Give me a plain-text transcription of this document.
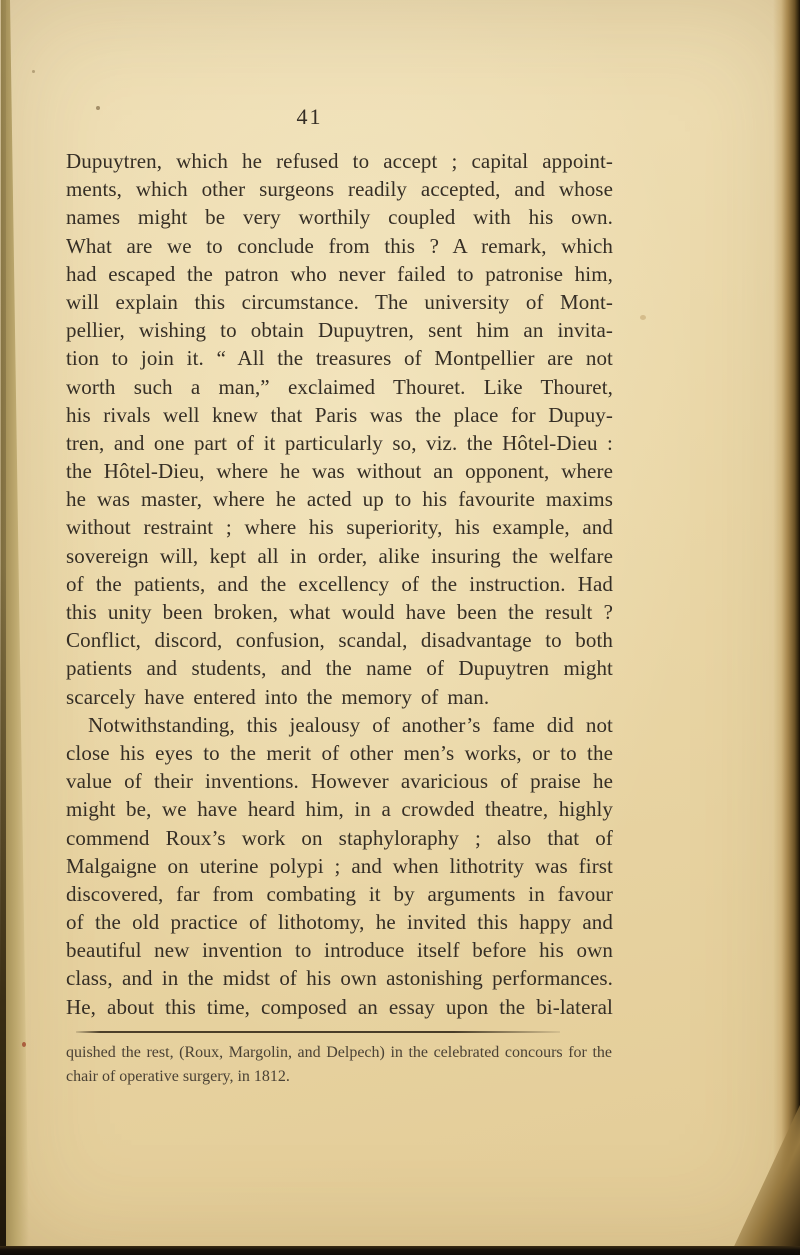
41
Dupuytren, which he refused to accept ; capital appoint-
ments, which other surgeons readily accepted, and whose
names might be very worthily coupled with his own.
What are we to conclude from this ? A remark, which
had escaped the patron who never failed to patronise him,
will explain this circumstance. The university of Mont-
pellier, wishing to obtain Dupuytren, sent him an invita-
tion to join it. “ All the treasures of Montpellier are not
worth such a man,” exclaimed Thouret. Like Thouret,
his rivals well knew that Paris was the place for Dupuy-
tren, and one part of it particularly so, viz. the Hôtel-Dieu :
the Hôtel-Dieu, where he was without an opponent, where
he was master, where he acted up to his favourite maxims
without restraint ; where his superiority, his example, and
sovereign will, kept all in order, alike insuring the welfare
of the patients, and the excellency of the instruction. Had
this unity been broken, what would have been the result ?
Conflict, discord, confusion, scandal, disadvantage to both
patients and students, and the name of Dupuytren might
scarcely have entered into the memory of man.
Notwithstanding, this jealousy of another’s fame did not
close his eyes to the merit of other men’s works, or to the
value of their inventions. However avaricious of praise he
might be, we have heard him, in a crowded theatre, highly
commend Roux’s work on staphyloraphy ; also that of
Malgaigne on uterine polypi ; and when lithotrity was first
discovered, far from combating it by arguments in favour
of the old practice of lithotomy, he invited this happy and
beautiful new invention to introduce itself before his own
class, and in the midst of his own astonishing performances.
He, about this time, composed an essay upon the bi-lateral
quished the rest, (Roux, Margolin, and Delpech) in the celebrated concours for the
chair of operative surgery, in 1812.
